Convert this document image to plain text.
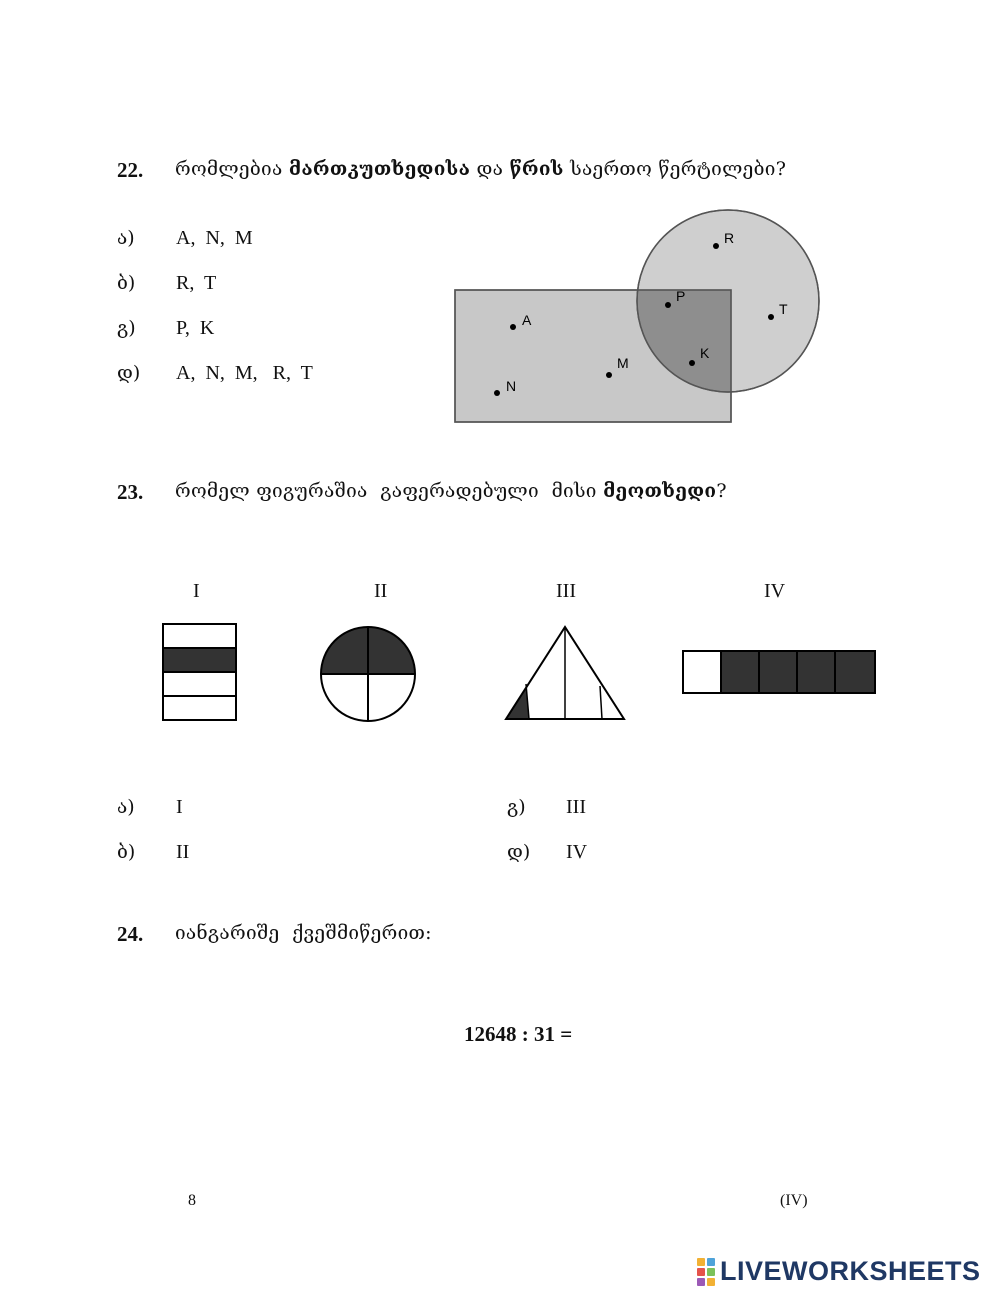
22. რომლებია მართკუთხედისა და წრის საერთო წერტილები?
ა) A,  N,  M
ბ) R,  T
გ) P,  K
დ) A,  N,  M,   R,  T
A
N
M
P
K
R
T
23. რომელ ფიგურაშია  გაფერადებული  მისი მეოთხედი?
I	II	III	IV
ა) I
ბ) II
გ) III
დ) IV
24. იანგარიშე  ქვეშმიწერით:
12648 : 31 =
8	(IV)
LIVEWORKSHEETS
